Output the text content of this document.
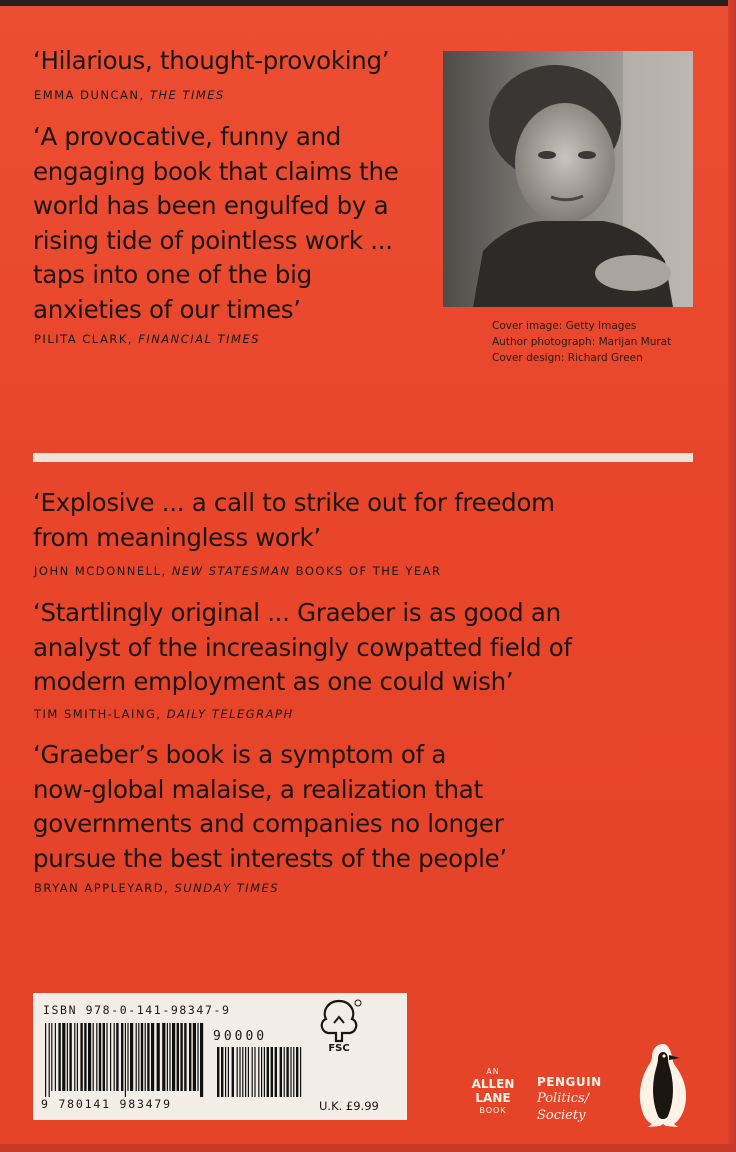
‘Hilarious, thought-provoking’
EMMA DUNCAN, THE TIMES
‘A provocative, funny and
engaging book that claims the
world has been engulfed by a
rising tide of pointless work ...
taps into one of the big
anxieties of our times’
PILITA CLARK, FINANCIAL TIMES
Cover image: Getty Images
Author photograph: Marijan Murat
Cover design: Richard Green
‘Explosive ... a call to strike out for freedom
from meaningless work’
JOHN MCDONNELL, NEW STATESMAN BOOKS OF THE YEAR
‘Startlingly original ... Graeber is as good an
analyst of the increasingly cowpatted field of
modern employment as one could wish’
TIM SMITH-LAING, DAILY TELEGRAPH
‘Graeber’s book is a symptom of a
now-global malaise, a realization that
governments and companies no longer
pursue the best interests of the people’
BRYAN APPLEYARD, SUNDAY TIMES
ISBN 978-0-141-98347-9
90000
9 780141 983479
FSC
U.K. £9.99
AN
ALLEN
LANE
BOOK
PENGUIN
Politics/
Society
